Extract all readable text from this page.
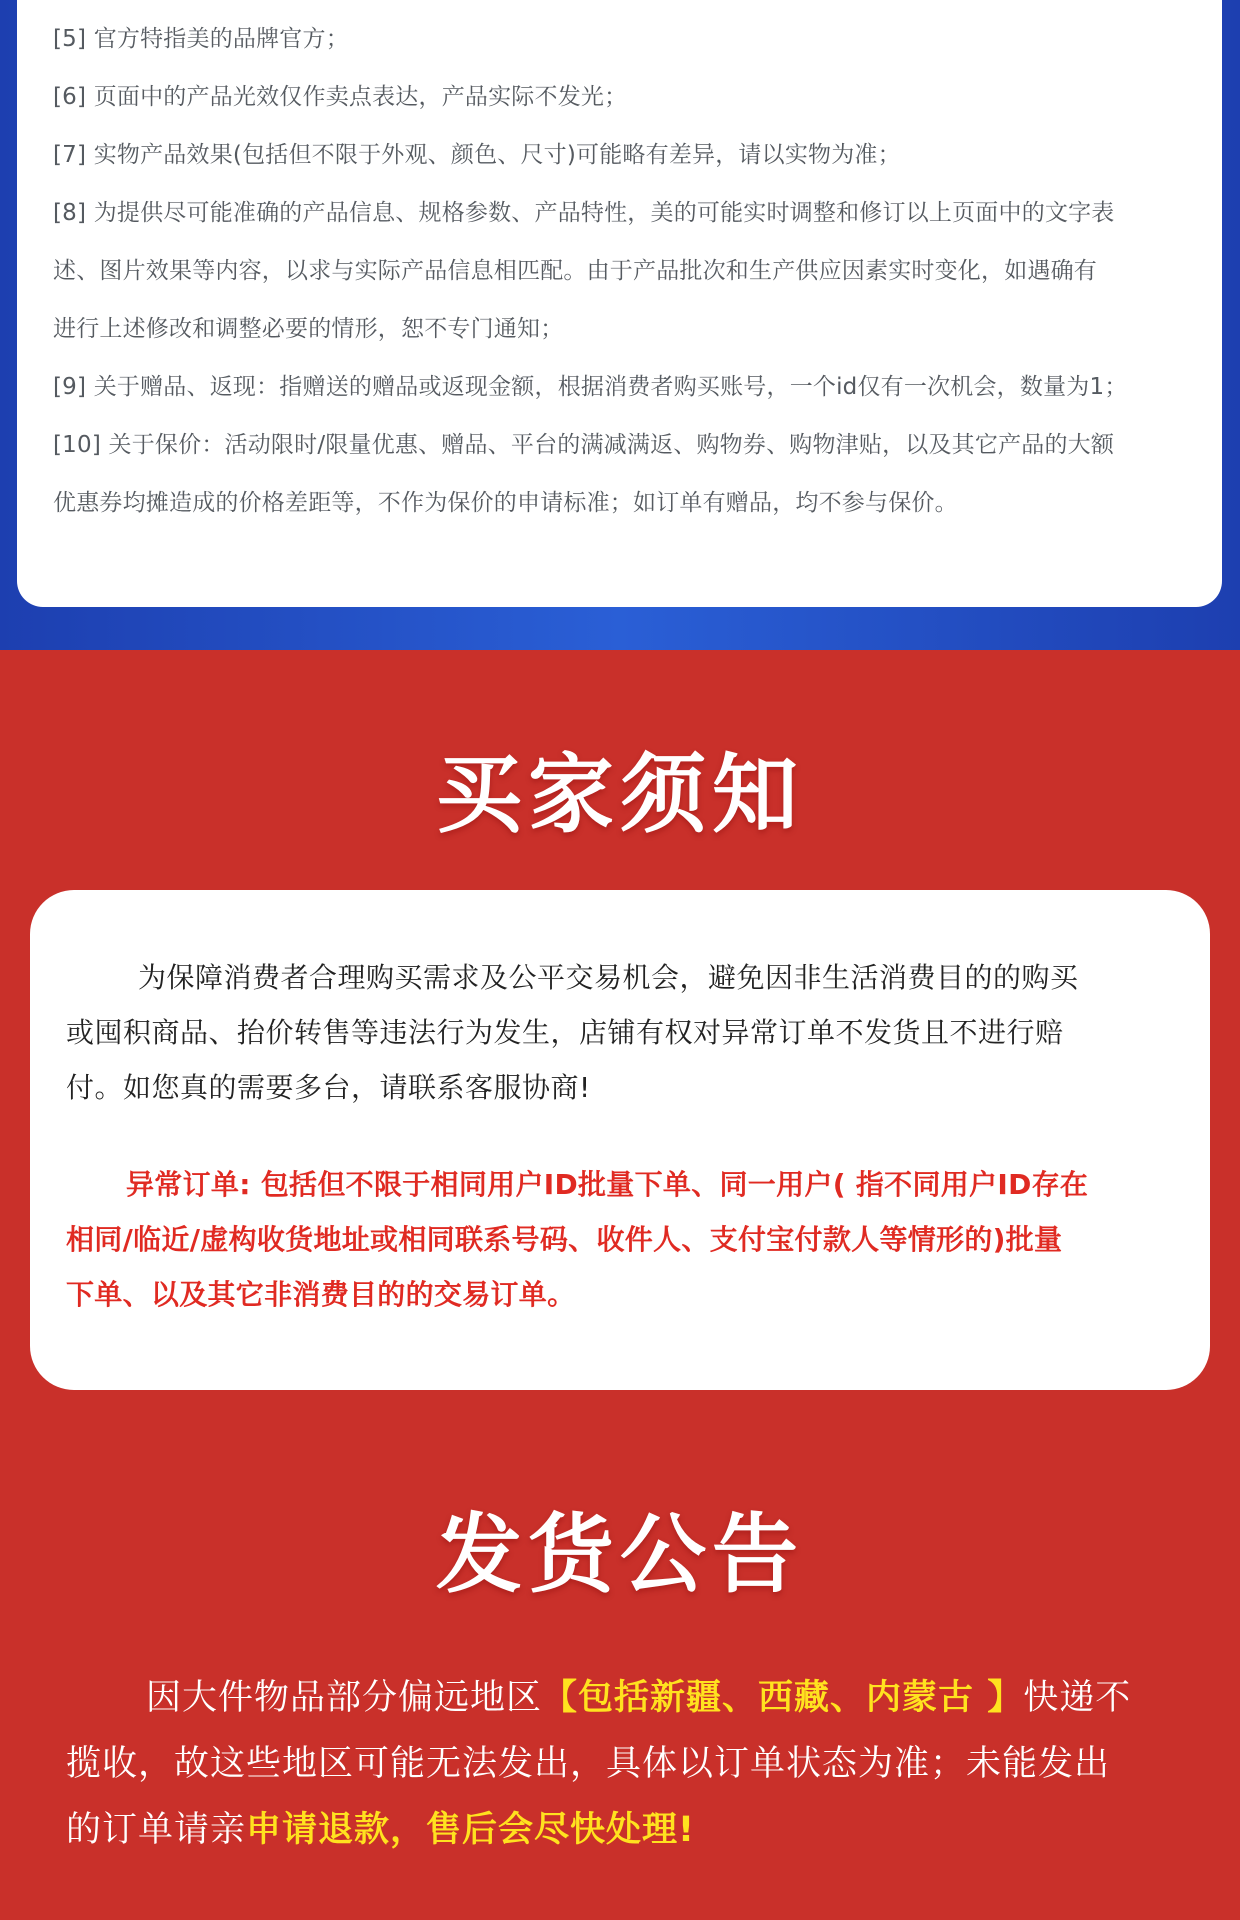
[5] 官方特指美的品牌官方；
[6] 页面中的产品光效仅作卖点表达，产品实际不发光；
[7] 实物产品效果(包括但不限于外观、颜色、尺寸)可能略有差异，请以实物为准；
[8] 为提供尽可能准确的产品信息、规格参数、产品特性，美的可能实时调整和修订以上页面中的文字表
述、图片效果等内容，以求与实际产品信息相匹配。由于产品批次和生产供应因素实时变化，如遇确有
进行上述修改和调整必要的情形，恕不专门通知；
[9] 关于赠品、返现：指赠送的赠品或返现金额，根据消费者购买账号，一个id仅有一次机会，数量为1；
[10] 关于保价：活动限时/限量优惠、赠品、平台的满减满返、购物券、购物津贴，以及其它产品的大额
优惠券均摊造成的价格差距等，不作为保价的申请标准；如订单有赠品，均不参与保价。
买家须知
为保障消费者合理购买需求及公平交易机会，避免因非生活消费目的的购买
或囤积商品、抬价转售等违法行为发生，店铺有权对异常订单不发货且不进行赔
付。如您真的需要多台，请联系客服协商!
异常订单: 包括但不限于相同用户ID批量下单、同一用户( 指不同用户ID存在
相同/临近/虚构收货地址或相同联系号码、收件人、支付宝付款人等情形的)批量
下单、以及其它非消费目的的交易订单。
发货公告
因大件物品部分偏远地区【包括新疆、西藏、内蒙古 】快递不
揽收，故这些地区可能无法发出，具体以订单状态为准；未能发出
的订单请亲申请退款，售后会尽快处理!
